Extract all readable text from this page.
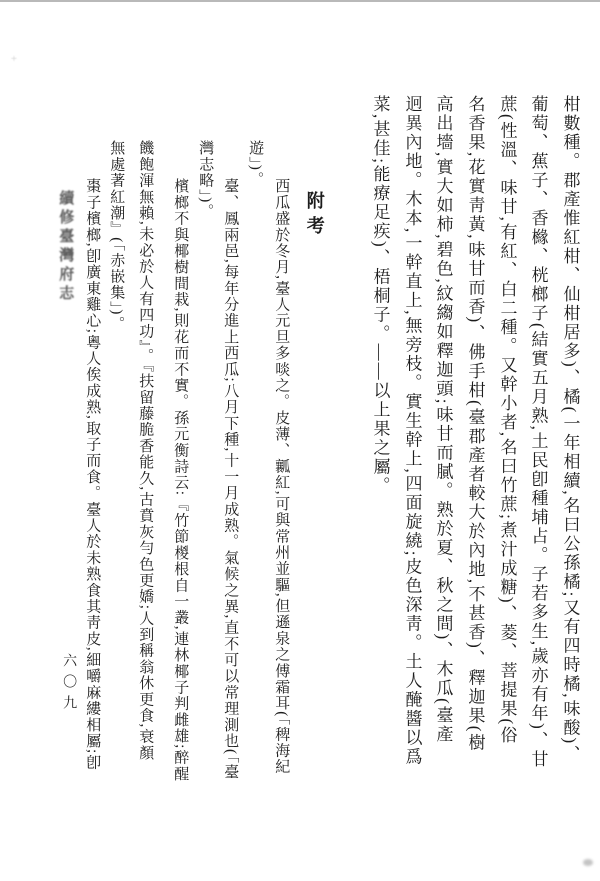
+
柑數種。郡產惟紅柑、仙柑居多)、橘(一年相續,名曰公孫橘;又有四時橘,味酸)、
葡萄、蕉子、香櫞、桄榔子(結實五月熟,土民卽種埔占。子若多生,歲亦有年)、甘
蔗(性溫、味甘,有紅、白二種。又幹小者,名曰竹蔗;煮汁成糖)、菱、菩提果(俗
名香果,花實靑黃,味甘而香)、佛手柑(臺郡產者較大於內地,不甚香)、釋迦果(樹
高出墻,實大如柿,碧色,紋縐如釋迦頭;味甘而膩。熟於夏、秋之間)、木瓜(臺產
迥異內地。木本,一幹直上,無旁枝。實生幹上,四面旋繞;皮色深靑。土人醃醬以爲
菜,甚佳;能療足疾)、梧桐子。——以上果之屬。
附考
西瓜盛於冬月,臺人元旦多啖之。皮薄、瓤紅,可與常州並驅,但遜泉之傅霜耳(「稗海紀
遊」)。
臺、鳳兩邑,每年分進上西瓜;八月下種,十一月成熟。氣候之異,直不可以常理測也(「臺
灣志略」)。
檳榔不與椰樹間栽,則花而不實。孫元衡詩云:『竹節椶根自一叢,連林椰子判雌雄;醉醒
饑飽渾無賴,未必於人有四功』。『扶留藤脆香能久,古賁灰勻色更嬌;人到稱翁休更食,衰顏
無處著紅潮』(「赤嵌集」)。
棗子檳榔,卽廣東雞心;粵人俟成熟,取子而食。臺人於未熟食其靑皮,細嚼麻縷相屬;卽
續修臺灣府志
六〇九
